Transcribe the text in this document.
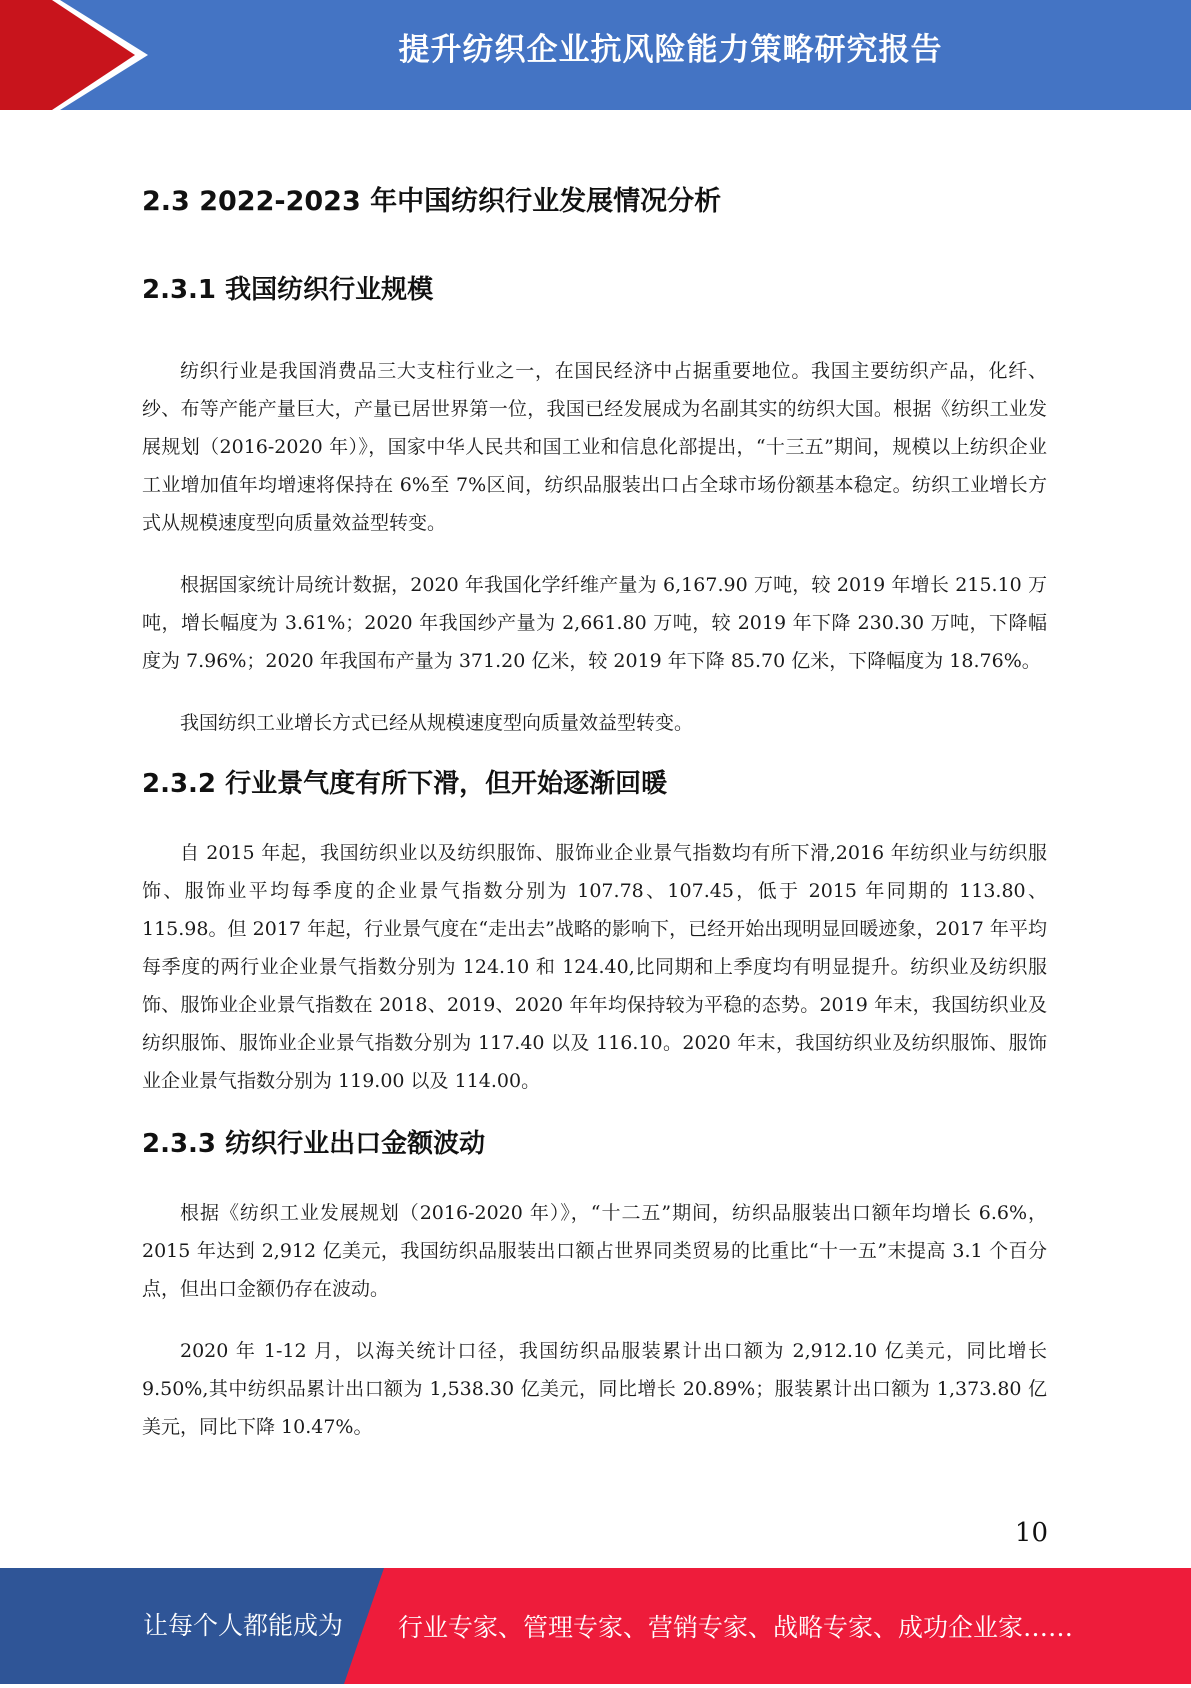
提升纺织企业抗风险能力策略研究报告
2.3 2022-2023 年中国纺织行业发展情况分析
2.3.1 我国纺织行业规模

纺织行业是我国消费品三大支柱行业之一，在国民经济中占据重要地位。我国主要纺织产品，化纤、纱、布等产能产量巨大，产量已居世界第一位，我国已经发展成为名副其实的纺织大国。根据《纺织工业发展规划（2016-2020 年）》，国家中华人民共和国工业和信息化部提出，“十三五”期间，规模以上纺织企业工业增加值年均增速将保持在 6%至 7%区间，纺织品服装出口占全球市场份额基本稳定。纺织工业增长方式从规模速度型向质量效益型转变。

根据国家统计局统计数据，2020 年我国化学纤维产量为 6,167.90 万吨，较 2019 年增长 215.10 万吨，增长幅度为 3.61%；2020 年我国纱产量为 2,661.80 万吨，较 2019 年下降 230.30 万吨，下降幅度为 7.96%；2020 年我国布产量为 371.20 亿米，较 2019 年下降 85.70 亿米，下降幅度为 18.76%。

我国纺织工业增长方式已经从规模速度型向质量效益型转变。

2.3.2 行业景气度有所下滑，但开始逐渐回暖

自 2015 年起，我国纺织业以及纺织服饰、服饰业企业景气指数均有所下滑,2016 年纺织业与纺织服饰、服饰业平均每季度的企业景气指数分别为 107.78、107.45，低于 2015 年同期的 113.80、115.98。但 2017 年起，行业景气度在“走出去”战略的影响下，已经开始出现明显回暖迹象，2017 年平均每季度的两行业企业景气指数分别为 124.10 和 124.40,比同期和上季度均有明显提升。纺织业及纺织服饰、服饰业企业景气指数在 2018、2019、2020 年年均保持较为平稳的态势。2019 年末，我国纺织业及纺织服饰、服饰业企业景气指数分别为 117.40 以及 116.10。2020 年末，我国纺织业及纺织服饰、服饰业企业景气指数分别为 119.00 以及 114.00。

2.3.3 纺织行业出口金额波动

根据《纺织工业发展规划（2016-2020 年）》，“十二五”期间，纺织品服装出口额年均增长 6.6%，2015 年达到 2,912 亿美元，我国纺织品服装出口额占世界同类贸易的比重比“十一五”末提高 3.1 个百分点，但出口金额仍存在波动。

2020 年 1-12 月，以海关统计口径，我国纺织品服装累计出口额为 2,912.10 亿美元，同比增长 9.50%,其中纺织品累计出口额为 1,538.30 亿美元，同比增长 20.89%；服装累计出口额为 1,373.80 亿美元，同比下降 10.47%。

10
让每个人都能成为 行业专家、管理专家、营销专家、战略专家、成功企业家……
